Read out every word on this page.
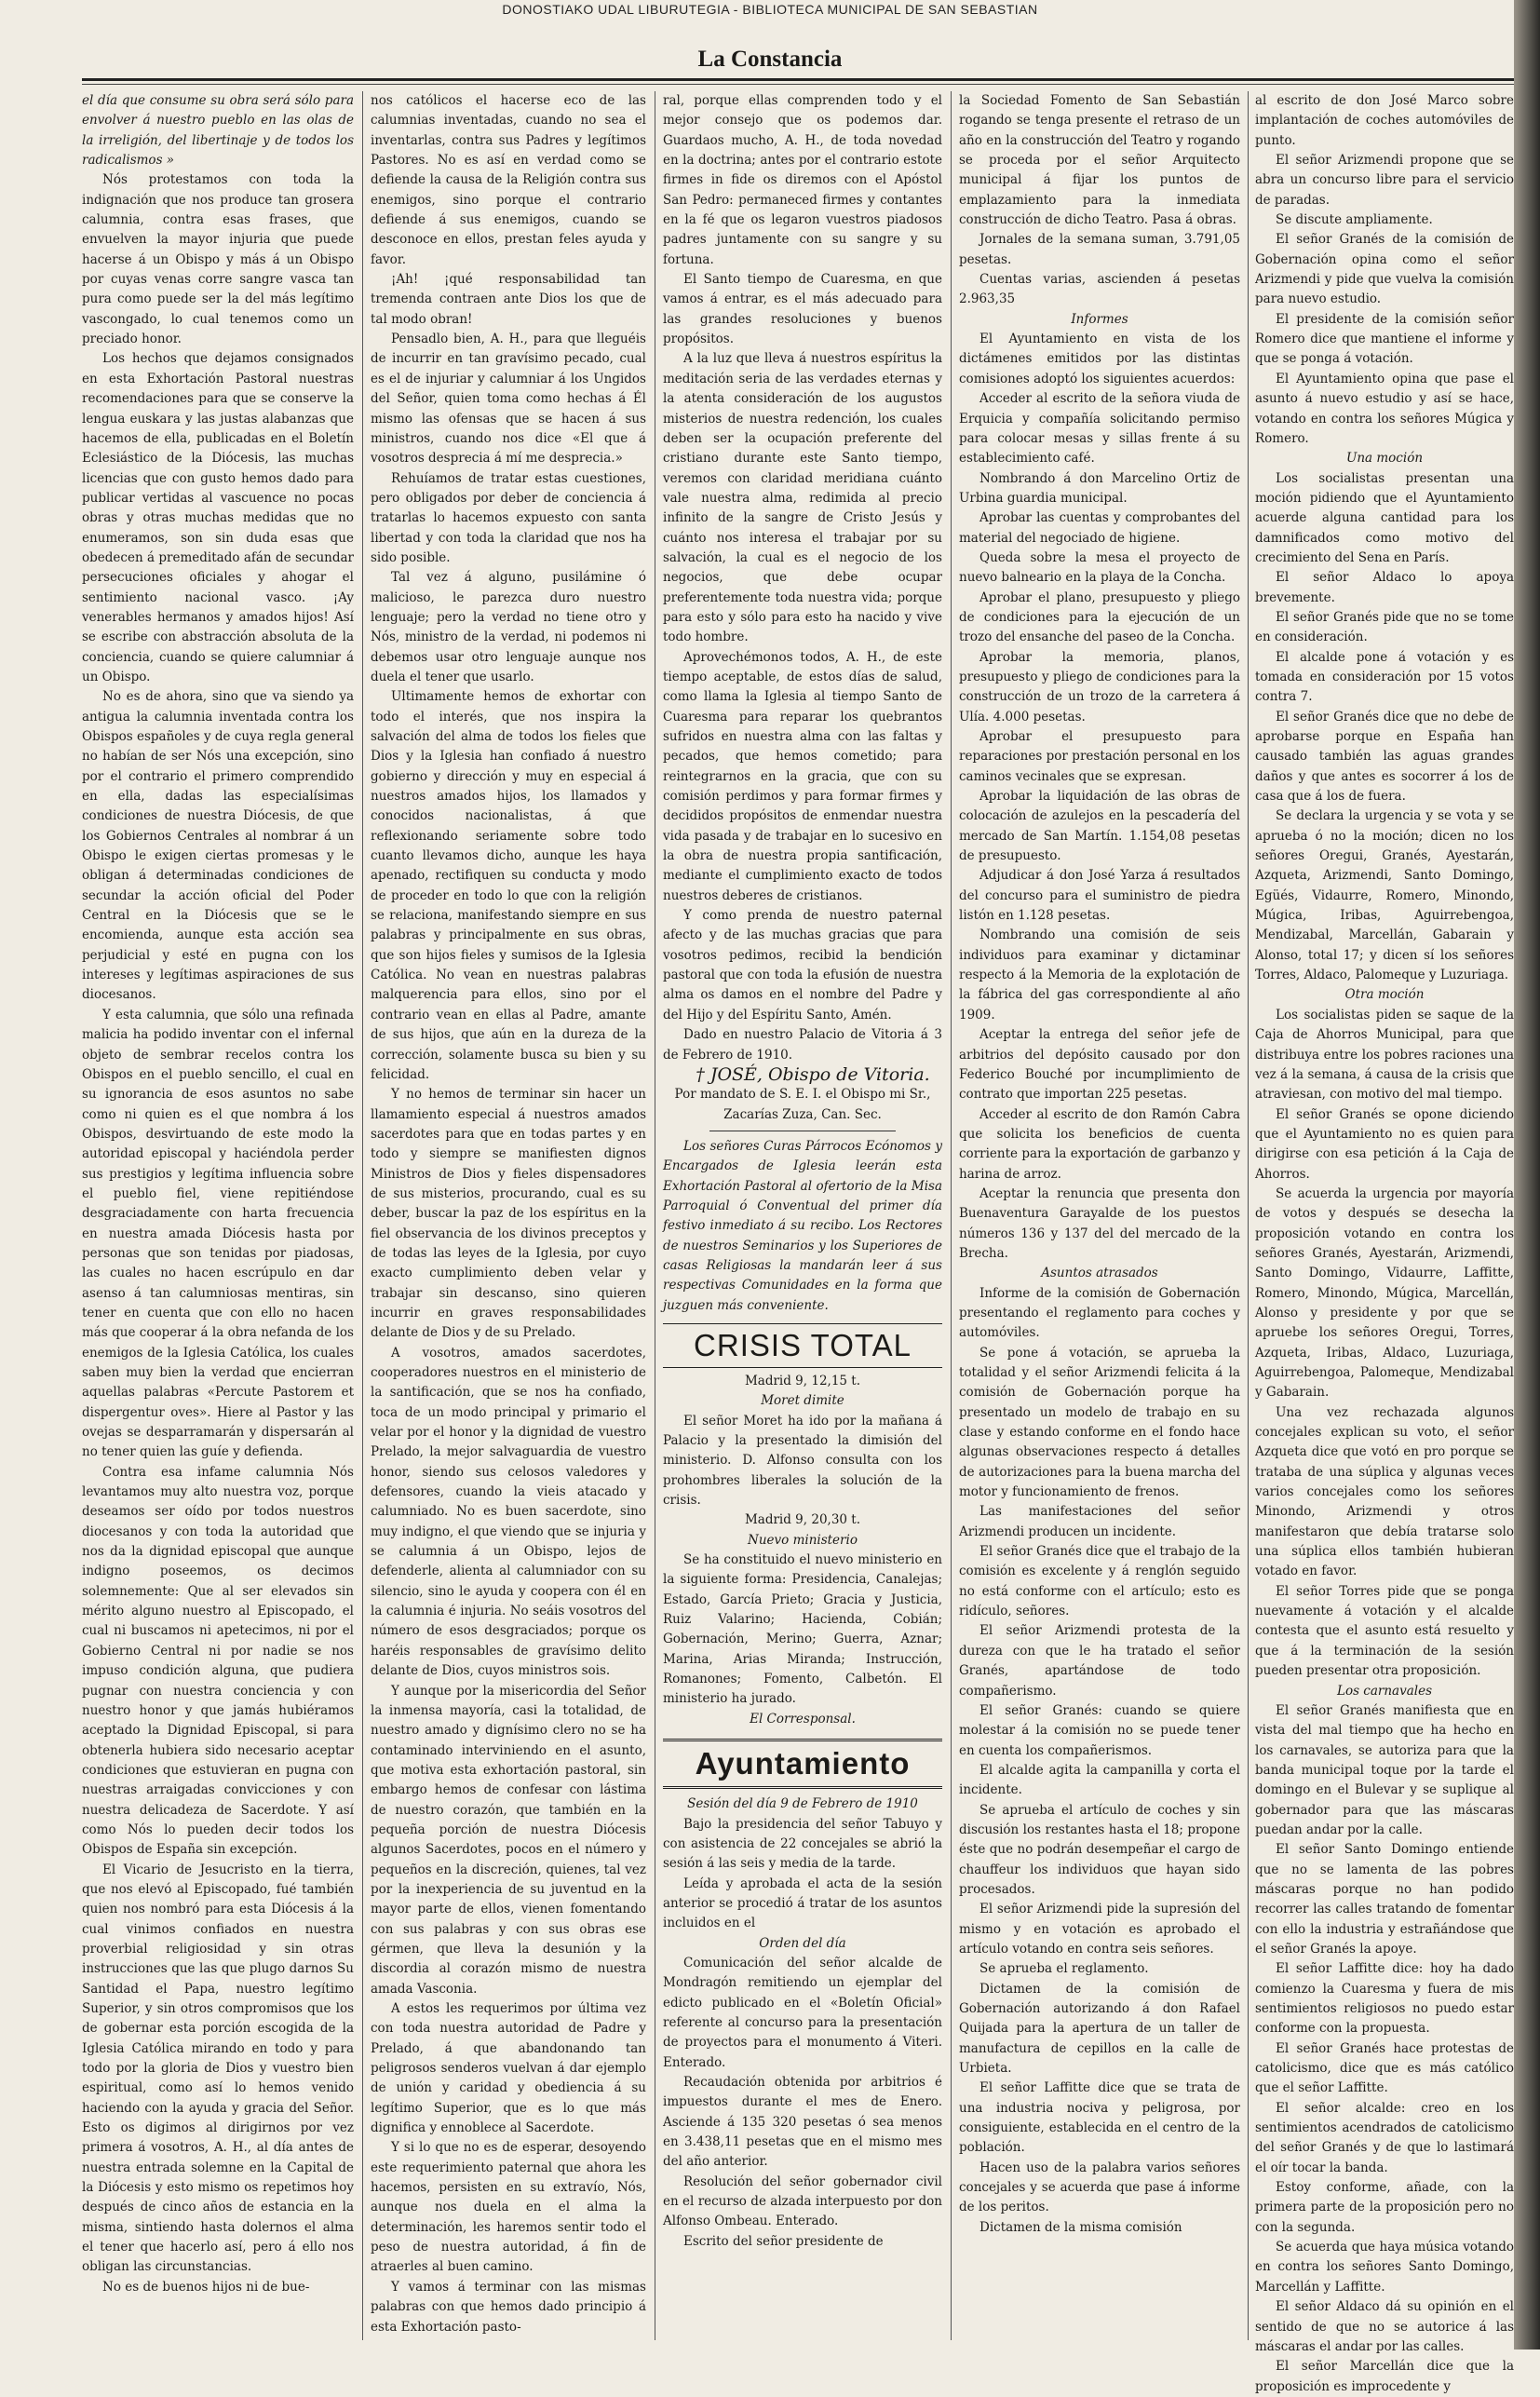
DONOSTIAKO UDAL LIBURUTEGIA - BIBLIOTECA MUNICIPAL DE SAN SEBASTIAN
La Constancia

el día que consume su obra será sólo para envolver á nuestro pueblo en las olas de la irreligión, del libertinaje y de todos los radicalismos »

Nós protestamos con toda la indignación que nos produce tan grosera calumnia, contra esas frases, que envuelven la mayor injuria que puede hacerse á un Obispo y más á un Obispo por cuyas venas corre sangre vasca tan pura como puede ser la del más legítimo vascongado, lo cual tenemos como un preciado honor.

Los hechos que dejamos consignados en esta Exhortación Pastoral nuestras recomendaciones para que se conserve la lengua euskara y las justas alabanzas que hacemos de ella, publicadas en el Boletín Eclesiástico de la Diócesis, las muchas licencias que con gusto hemos dado para publicar vertidas al vascuence no pocas obras y otras muchas medidas que no enumeramos, son sin duda esas que obedecen á premeditado afán de secundar persecuciones oficiales y ahogar el sentimiento nacional vasco. ¡Ay venerables hermanos y amados hijos! Así se escribe con abstracción absoluta de la conciencia, cuando se quiere calumniar á un Obispo.

No es de ahora, sino que va siendo ya antigua la calumnia inventada contra los Obispos españoles y de cuya regla general no habían de ser Nós una excepción, sino por el contrario el primero comprendido en ella, dadas las especialísimas condiciones de nuestra Diócesis, de que los Gobiernos Centrales al nombrar á un Obispo le exigen ciertas promesas y le obligan á determinadas condiciones de secundar la acción oficial del Poder Central en la Diócesis que se le encomienda, aunque esta acción sea perjudicial y esté en pugna con los intereses y legítimas aspiraciones de sus diocesanos.

Y esta calumnia, que sólo una refinada malicia ha podido inventar con el infernal objeto de sembrar recelos contra los Obispos en el pueblo sencillo, el cual en su ignorancia de esos asuntos no sabe como ni quien es el que nombra á los Obispos, desvirtuando de este modo la autoridad episcopal y haciéndola perder sus prestigios y legítima influencia sobre el pueblo fiel, viene repitiéndose desgraciadamente con harta frecuencia en nuestra amada Diócesis hasta por personas que son tenidas por piadosas, las cuales no hacen escrúpulo en dar asenso á tan calumniosas mentiras, sin tener en cuenta que con ello no hacen más que cooperar á la obra nefanda de los enemigos de la Iglesia Católica, los cuales saben muy bien la verdad que encierran aquellas palabras «Percute Pastorem et dispergentur oves». Hiere al Pastor y las ovejas se desparramarán y dispersarán al no tener quien las guíe y defienda.

Contra esa infame calumnia Nós levantamos muy alto nuestra voz, porque deseamos ser oído por todos nuestros diocesanos y con toda la autoridad que nos da la dignidad episcopal que aunque indigno poseemos, os decimos solemnemente: Que al ser elevados sin mérito alguno nuestro al Episcopado, el cual ni buscamos ni apetecimos, ni por el Gobierno Central ni por nadie se nos impuso condición alguna, que pudiera pugnar con nuestra conciencia y con nuestro honor y que jamás hubiéramos aceptado la Dignidad Episcopal, si para obtenerla hubiera sido necesario aceptar condiciones que estuvieran en pugna con nuestras arraigadas convicciones y con nuestra delicadeza de Sacerdote. Y así como Nós lo pueden decir todos los Obispos de España sin excepción.

El Vicario de Jesucristo en la tierra, que nos elevó al Episcopado, fué también quien nos nombró para esta Diócesis á la cual vinimos confiados en nuestra proverbial religiosidad y sin otras instrucciones que las que plugo darnos Su Santidad el Papa, nuestro legítimo Superior, y sin otros compromisos que los de gobernar esta porción escogida de la Iglesia Católica mirando en todo y para todo por la gloria de Dios y vuestro bien espiritual, como así lo hemos venido haciendo con la ayuda y gracia del Señor. Esto os digimos al dirigirnos por vez primera á vosotros, A. H., al día antes de nuestra entrada solemne en la Capital de la Diócesis y esto mismo os repetimos hoy después de cinco años de estancia en la misma, sintiendo hasta dolernos el alma el tener que hacerlo así, pero á ello nos obligan las circunstancias.

No es de buenos hijos ni de bue-

nos católicos el hacerse eco de las calumnias inventadas, cuando no sea el inventarlas, contra sus Padres y legítimos Pastores. No es así en verdad como se defiende la causa de la Religión contra sus enemigos, sino porque el contrario defiende á sus enemigos, cuando se desconoce en ellos, prestan feles ayuda y favor.

¡Ah! ¡qué responsabilidad tan tremenda contraen ante Dios los que de tal modo obran!

Pensadlo bien, A. H., para que lleguéis de incurrir en tan gravísimo pecado, cual es el de injuriar y calumniar á los Ungidos del Señor, quien toma como hechas á Él mismo las ofensas que se hacen á sus ministros, cuando nos dice «El que á vosotros desprecia á mí me desprecia.»

Rehuíamos de tratar estas cuestiones, pero obligados por deber de conciencia á tratarlas lo hacemos expuesto con santa libertad y con toda la claridad que nos ha sido posible.

Tal vez á alguno, pusilámine ó malicioso, le parezca duro nuestro lenguaje; pero la verdad no tiene otro y Nós, ministro de la verdad, ni podemos ni debemos usar otro lenguaje aunque nos duela el tener que usarlo.

Ultimamente hemos de exhortar con todo el interés, que nos inspira la salvación del alma de todos los fieles que Dios y la Iglesia han confiado á nuestro gobierno y dirección y muy en especial á nuestros amados hijos, los llamados y conocidos nacionalistas, á que reflexionando seriamente sobre todo cuanto llevamos dicho, aunque les haya apenado, rectifiquen su conducta y modo de proceder en todo lo que con la religión se relaciona, manifestando siempre en sus palabras y principalmente en sus obras, que son hijos fieles y sumisos de la Iglesia Católica. No vean en nuestras palabras malquerencia para ellos, sino por el contrario vean en ellas al Padre, amante de sus hijos, que aún en la dureza de la corrección, solamente busca su bien y su felicidad.

Y no hemos de terminar sin hacer un llamamiento especial á nuestros amados sacerdotes para que en todas partes y en todo y siempre se manifiesten dignos Ministros de Dios y fieles dispensadores de sus misterios, procurando, cual es su deber, buscar la paz de los espíritus en la fiel observancia de los divinos preceptos y de todas las leyes de la Iglesia, por cuyo exacto cumplimiento deben velar y trabajar sin descanso, sino quieren incurrir en graves responsabilidades delante de Dios y de su Prelado.

A vosotros, amados sacerdotes, cooperadores nuestros en el ministerio de la santificación, que se nos ha confiado, toca de un modo principal y primario el velar por el honor y la dignidad de vuestro Prelado, la mejor salvaguardia de vuestro honor, siendo sus celosos valedores y defensores, cuando la vieis atacado y calumniado. No es buen sacerdote, sino muy indigno, el que viendo que se injuria y se calumnia á un Obispo, lejos de defenderle, alienta al calumniador con su silencio, sino le ayuda y coopera con él en la calumnia é injuria. No seáis vosotros del número de esos desgraciados; porque os haréis responsables de gravísimo delito delante de Dios, cuyos ministros sois.

Y aunque por la misericordia del Señor la inmensa mayoría, casi la totalidad, de nuestro amado y dignísimo clero no se ha contaminado interviniendo en el asunto, que motiva esta exhortación pastoral, sin embargo hemos de confesar con lástima de nuestro corazón, que también en la pequeña porción de nuestra Diócesis algunos Sacerdotes, pocos en el número y pequeños en la discreción, quienes, tal vez por la inexperiencia de su juventud en la mayor parte de ellos, vienen fomentando con sus palabras y con sus obras ese gérmen, que lleva la desunión y la discordia al corazón mismo de nuestra amada Vasconia.

A estos les requerimos por última vez con toda nuestra autoridad de Padre y Prelado, á que abandonando tan peligrosos senderos vuelvan á dar ejemplo de unión y caridad y obediencia á su legítimo Superior, que es lo que más dignifica y ennoblece al Sacerdote.

Y si lo que no es de esperar, desoyendo este requerimiento paternal que ahora les hacemos, persisten en su extravío, Nós, aunque nos duela en el alma la determinación, les haremos sentir todo el peso de nuestra autoridad, á fin de atraerles al buen camino.

Y vamos á terminar con las mismas palabras con que hemos dado principio á esta Exhortación pasto-

ral, porque ellas comprenden todo y el mejor consejo que os podemos dar. Guardaos mucho, A. H., de toda novedad en la doctrina; antes por el contrario estote firmes in fide os diremos con el Apóstol San Pedro: permaneced firmes y contantes en la fé que os legaron vuestros piadosos padres juntamente con su sangre y su fortuna.

El Santo tiempo de Cuaresma, en que vamos á entrar, es el más adecuado para las grandes resoluciones y buenos propósitos.

A la luz que lleva á nuestros espíritus la meditación seria de las verdades eternas y la atenta consideración de los augustos misterios de nuestra redención, los cuales deben ser la ocupación preferente del cristiano durante este Santo tiempo, veremos con claridad meridiana cuánto vale nuestra alma, redimida al precio infinito de la sangre de Cristo Jesús y cuánto nos interesa el trabajar por su salvación, la cual es el negocio de los negocios, que debe ocupar preferentemente toda nuestra vida; porque para esto y sólo para esto ha nacido y vive todo hombre.

Aprovechémonos todos, A. H., de este tiempo aceptable, de estos días de salud, como llama la Iglesia al tiempo Santo de Cuaresma para reparar los quebrantos sufridos en nuestra alma con las faltas y pecados, que hemos cometido; para reintegrarnos en la gracia, que con su comisión perdimos y para formar firmes y decididos propósitos de enmendar nuestra vida pasada y de trabajar en lo sucesivo en la obra de nuestra propia santificación, mediante el cumplimiento exacto de todos nuestros deberes de cristianos.

Y como prenda de nuestro paternal afecto y de las muchas gracias que para vosotros pedimos, recibid la bendición pastoral que con toda la efusión de nuestra alma os damos en el nombre del Padre y del Hijo y del Espíritu Santo, Amén.

Dado en nuestro Palacio de Vitoria á 3 de Febrero de 1910.

† JOSÉ, Obispo de Vitoria.

Por mandato de S. E. I. el Obispo mi Sr., Zacarías Zuza, Can. Sec.

Los señores Curas Párrocos Ecónomos y Encargados de Iglesia leerán esta Exhortación Pastoral al ofertorio de la Misa Parroquial ó Conventual del primer día festivo inmediato á su recibo. Los Rectores de nuestros Seminarios y los Superiores de casas Religiosas la mandarán leer á sus respectivas Comunidades en la forma que juzguen más conveniente.

CRISIS TOTAL

Madrid 9, 12,15 t.

Moret dimite

El señor Moret ha ido por la mañana á Palacio y la presentado la dimisión del ministerio. D. Alfonso consulta con los prohombres liberales la solución de la crisis.

Madrid 9, 20,30 t.

Nuevo ministerio

Se ha constituido el nuevo ministerio en la siguiente forma: Presidencia, Canalejas; Estado, García Prieto; Gracia y Justicia, Ruiz Valarino; Hacienda, Cobián; Gobernación, Merino; Guerra, Aznar; Marina, Arias Miranda; Instrucción, Romanones; Fomento, Calbetón. El ministerio ha jurado.

El Corresponsal.

Ayuntamiento

Sesión del día 9 de Febrero de 1910

Bajo la presidencia del señor Tabuyo y con asistencia de 22 concejales se abrió la sesión á las seis y media de la tarde.

Leída y aprobada el acta de la sesión anterior se procedió á tratar de los asuntos incluidos en el

Orden del día

Comunicación del señor alcalde de Mondragón remitiendo un ejemplar del edicto publicado en el «Boletín Oficial» referente al concurso para la presentación de proyectos para el monumento á Viteri. Enterado.

Recaudación obtenida por arbitrios é impuestos durante el mes de Enero. Asciende á 135 320 pesetas ó sea menos en 3.438,11 pesetas que en el mismo mes del año anterior.

Resolución del señor gobernador civil en el recurso de alzada interpuesto por don Alfonso Ombeau. Enterado.

Escrito del señor presidente de

la Sociedad Fomento de San Sebastián rogando se tenga presente el retraso de un año en la construcción del Teatro y rogando se proceda por el señor Arquitecto municipal á fijar los puntos de emplazamiento para la inmediata construcción de dicho Teatro. Pasa á obras.

Jornales de la semana suman, 3.791,05 pesetas.

Cuentas varias, ascienden á pesetas 2.963,35

Informes

El Ayuntamiento en vista de los dictámenes emitidos por las distintas comisiones adoptó los siguientes acuerdos:

Acceder al escrito de la señora viuda de Erquicia y compañía solicitando permiso para colocar mesas y sillas frente á su establecimiento café.

Nombrando á don Marcelino Ortiz de Urbina guardia municipal.

Aprobar las cuentas y comprobantes del material del negociado de higiene.

Queda sobre la mesa el proyecto de nuevo balneario en la playa de la Concha.

Aprobar el plano, presupuesto y pliego de condiciones para la ejecución de un trozo del ensanche del paseo de la Concha.

Aprobar la memoria, planos, presupuesto y pliego de condiciones para la construcción de un trozo de la carretera á Ulía. 4.000 pesetas.

Aprobar el presupuesto para reparaciones por prestación personal en los caminos vecinales que se expresan.

Aprobar la liquidación de las obras de colocación de azulejos en la pescadería del mercado de San Martín. 1.154,08 pesetas de presupuesto.

Adjudicar á don José Yarza á resultados del concurso para el suministro de piedra listón en 1.128 pesetas.

Nombrando una comisión de seis individuos para examinar y dictaminar respecto á la Memoria de la explotación de la fábrica del gas correspondiente al año 1909.

Aceptar la entrega del señor jefe de arbitrios del depósito causado por don Federico Bouché por incumplimiento de contrato que importan 225 pesetas.

Acceder al escrito de don Ramón Cabra que solicita los beneficios de cuenta corriente para la exportación de garbanzo y harina de arroz.

Aceptar la renuncia que presenta don Buenaventura Garayalde de los puestos números 136 y 137 del del mercado de la Brecha.

Asuntos atrasados

Informe de la comisión de Gobernación presentando el reglamento para coches y automóviles.

Se pone á votación, se aprueba la totalidad y el señor Arizmendi felicita á la comisión de Gobernación porque ha presentado un modelo de trabajo en su clase y estando conforme en el fondo hace algunas observaciones respecto á detalles de autorizaciones para la buena marcha del motor y funcionamiento de frenos.

Las manifestaciones del señor Arizmendi producen un incidente.

El señor Granés dice que el trabajo de la comisión es excelente y á renglón seguido no está conforme con el artículo; esto es ridículo, señores.

El señor Arizmendi protesta de la dureza con que le ha tratado el señor Granés, apartándose de todo compañerismo.

El señor Granés: cuando se quiere molestar á la comisión no se puede tener en cuenta los compañerismos.

El alcalde agita la campanilla y corta el incidente.

Se aprueba el artículo de coches y sin discusión los restantes hasta el 18; propone éste que no podrán desempeñar el cargo de chauffeur los individuos que hayan sido procesados.

El señor Arizmendi pide la supresión del mismo y en votación es aprobado el artículo votando en contra seis señores.

Se aprueba el reglamento.

Dictamen de la comisión de Gobernación autorizando á don Rafael Quijada para la apertura de un taller de manufactura de cepillos en la calle de Urbieta.

El señor Laffitte dice que se trata de una industria nociva y peligrosa, por consiguiente, establecida en el centro de la población.

Hacen uso de la palabra varios señores concejales y se acuerda que pase á informe de los peritos.

Dictamen de la misma comisión

al escrito de don José Marco sobre implantación de coches automóviles de punto.

El señor Arizmendi propone que se abra un concurso libre para el servicio de paradas.

Se discute ampliamente.

El señor Granés de la comisión de Gobernación opina como el señor Arizmendi y pide que vuelva la comisión para nuevo estudio.

El presidente de la comisión señor Romero dice que mantiene el informe y que se ponga á votación.

El Ayuntamiento opina que pase el asunto á nuevo estudio y así se hace, votando en contra los señores Múgica y Romero.

Una moción

Los socialistas presentan una moción pidiendo que el Ayuntamiento acuerde alguna cantidad para los damnificados como motivo del crecimiento del Sena en París.

El señor Aldaco lo apoya brevemente.

El señor Granés pide que no se tome en consideración.

El alcalde pone á votación y es tomada en consideración por 15 votos contra 7.

El señor Granés dice que no debe de aprobarse porque en España han causado también las aguas grandes daños y que antes es socorrer á los de casa que á los de fuera.

Se declara la urgencia y se vota y se aprueba ó no la moción; dicen no los señores Oregui, Granés, Ayestarán, Azqueta, Arizmendi, Santo Domingo, Egüés, Vidaurre, Romero, Minondo, Múgica, Iribas, Aguirrebengoa, Mendizabal, Marcellán, Gabarain y Alonso, total 17; y dicen sí los señores Torres, Aldaco, Palomeque y Luzuriaga.

Otra moción

Los socialistas piden se saque de la Caja de Ahorros Municipal, para que distribuya entre los pobres raciones una vez á la semana, á causa de la crisis que atraviesan, con motivo del mal tiempo.

El señor Granés se opone diciendo que el Ayuntamiento no es quien para dirigirse con esa petición á la Caja de Ahorros.

Se acuerda la urgencia por mayoría de votos y después se desecha la proposición votando en contra los señores Granés, Ayestarán, Arizmendi, Santo Domingo, Vidaurre, Laffitte, Romero, Minondo, Múgica, Marcellán, Alonso y presidente y por que se apruebe los señores Oregui, Torres, Azqueta, Iribas, Aldaco, Luzuriaga, Aguirrebengoa, Palomeque, Mendizabal y Gabarain.

Una vez rechazada algunos concejales explican su voto, el señor Azqueta dice que votó en pro porque se trataba de una súplica y algunas veces varios concejales como los señores Minondo, Arizmendi y otros manifestaron que debía tratarse solo una súplica ellos también hubieran votado en favor.

El señor Torres pide que se ponga nuevamente á votación y el alcalde contesta que el asunto está resuelto y que á la terminación de la sesión pueden presentar otra proposición.

Los carnavales

El señor Granés manifiesta que en vista del mal tiempo que ha hecho en los carnavales, se autoriza para que la banda municipal toque por la tarde el domingo en el Bulevar y se suplique al gobernador para que las máscaras puedan andar por la calle.

El señor Santo Domingo entiende que no se lamenta de las pobres máscaras porque no han podido recorrer las calles tratando de fomentar con ello la industria y estrañándose que el señor Granés la apoye.

El señor Laffitte dice: hoy ha dado comienzo la Cuaresma y fuera de mis sentimientos religiosos no puedo estar conforme con la propuesta.

El señor Granés hace protestas de catolicismo, dice que es más católico que el señor Laffitte.

El señor alcalde: creo en los sentimientos acendrados de catolicismo del señor Granés y de que lo lastimará el oír tocar la banda.

Estoy conforme, añade, con la primera parte de la proposición pero no con la segunda.

Se acuerda que haya música votando en contra los señores Santo Domingo, Marcellán y Laffitte.

El señor Aldaco dá su opinión en el sentido de que no se autorice á las máscaras el andar por las calles.

El señor Marcellán dice que la proposición es improcedente y
